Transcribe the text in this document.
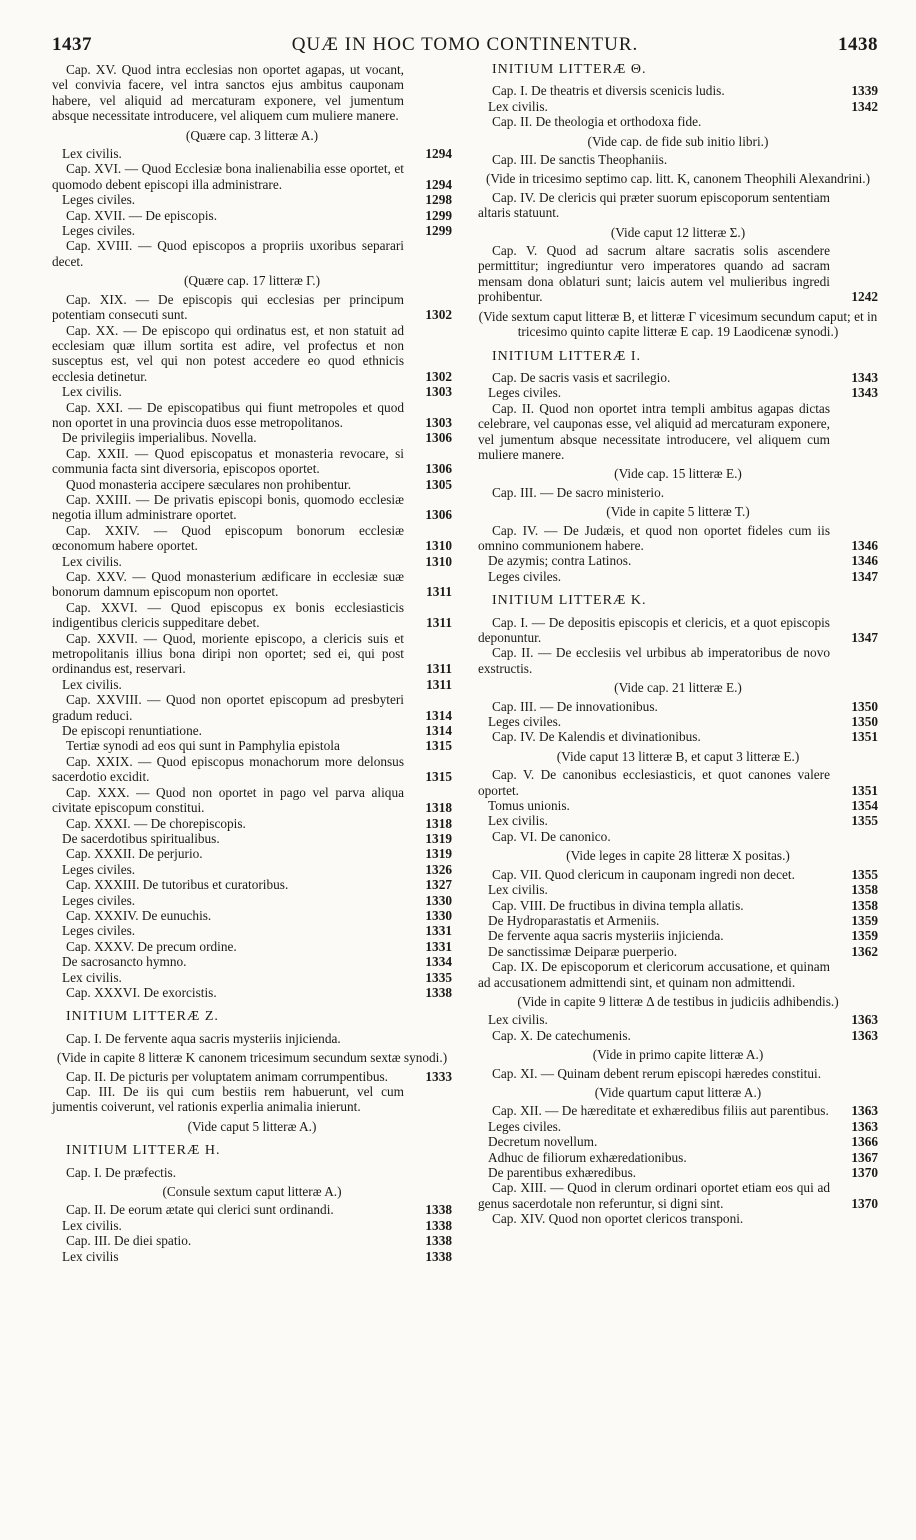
1437	QUÆ IN HOC TOMO CONTINENTUR.	1438

Cap. XV. Quod intra ecclesias non oportet agapas, ut vocant, vel convivia facere, vel intra sanctos ejus ambitus cauponam habere, vel aliquid ad mercaturam exponere, vel jumentum absque necessitate introducere, vel aliquem cum muliere manere.

(Quære cap. 3 litteræ A.)

Lex civilis.	1294

Cap. XVI. — Quod Ecclesiæ bona inalienabilia esse oportet, et quomodo debent episcopi illa administrare.	1294

Leges civiles.	1298

Cap. XVII. — De episcopis.	1299

Leges civiles.	1299

Cap. XVIII. — Quod episcopos a propriis uxoribus separari decet.

(Quære cap. 17 litteræ Γ.)

Cap. XIX. — De episcopis qui ecclesias per principum potentiam consecuti sunt.	1302

Cap. XX. — De episcopo qui ordinatus est, et non statuit ad ecclesiam quæ illum sortita est adire, vel profectus et non susceptus est, vel qui non potest accedere eo quod ethnicis ecclesia detinetur.	1302

Lex civilis.	1303

Cap. XXI. — De episcopatibus qui fiunt metropoles et quod non oportet in una provincia duos esse metropolitanos.	1303

De privilegiis imperialibus. Novella.	1306

Cap. XXII. — Quod episcopatus et monasteria revocare, si communia facta sint diversoria, episcopos oportet.	1306

Quod monasteria accipere sæculares non prohibentur.	1305

Cap. XXIII. — De privatis episcopi bonis, quomodo ecclesiæ negotia illum administrare oportet.	1306

Cap. XXIV. — Quod episcopum bonorum ecclesiæ œconomum habere oportet.	1310

Lex civilis.	1310

Cap. XXV. — Quod monasterium ædificare in ecclesiæ suæ bonorum damnum episcopum non oportet.	1311

Cap. XXVI. — Quod episcopus ex bonis ecclesiasticis indigentibus clericis suppeditare debet.	1311

Cap. XXVII. — Quod, moriente episcopo, a clericis suis et metropolitanis illius bona diripi non oportet; sed ei, qui post ordinandus est, reservari.	1311

Lex civilis.	1311

Cap. XXVIII. — Quod non oportet episcopum ad presbyteri gradum reduci.	1314

De episcopi renuntiatione.	1314

Tertiæ synodi ad eos qui sunt in Pamphylia epistola	1315

Cap. XXIX. — Quod episcopus monachorum more delonsus sacerdotio excidit.	1315

Cap. XXX. — Quod non oportet in pago vel parva aliqua civitate episcopum constitui.	1318

Cap. XXXI. — De chorepiscopis.	1318

De sacerdotibus spiritualibus.	1319

Cap. XXXII. De perjurio.	1319

Leges civiles.	1326

Cap. XXXIII. De tutoribus et curatoribus.	1327

Leges civiles.	1330

Cap. XXXIV. De eunuchis.	1330

Leges civiles.	1331

Cap. XXXV. De precum ordine.	1331

De sacrosancto hymno.	1334

Lex civilis.	1335

Cap. XXXVI. De exorcistis.	1338

INITIUM LITTERÆ Z.

Cap. I. De fervente aqua sacris mysteriis injicienda.

(Vide in capite 8 litteræ K canonem tricesimum secundum sextæ synodi.)

Cap. II. De picturis per voluptatem animam corrumpentibus.	1333

Cap. III. De iis qui cum bestiis rem habuerunt, vel cum jumentis coiverunt, vel rationis experlia animalia inierunt.

(Vide caput 5 litteræ A.)
INITIUM LITTERÆ H.

Cap. I. De præfectis.

(Consule sextum caput litteræ A.)

Cap. II. De eorum ætate qui clerici sunt ordinandi.	1338

Lex civilis.	1338

Cap. III. De diei spatio.	1338

Lex civilis	1338

INITIUM LITTERÆ Θ.

Cap. I. De theatris et diversis scenicis ludis.	1339

Lex civilis.	1342

Cap. II. De theologia et orthodoxa fide.

(Vide cap. de fide sub initio libri.)

Cap. III. De sanctis Theophaniis.

(Vide in tricesimo septimo cap. litt. K, canonem Theophili Alexandrini.)

Cap. IV. De clericis qui præter suorum episcoporum sententiam altaris statuunt.

(Vide caput 12 litteræ Σ.)

Cap. V. Quod ad sacrum altare sacratis solis ascendere permittitur; ingrediuntur vero imperatores quando ad sacram mensam dona oblaturi sunt; laicis autem vel mulieribus ingredi prohibentur.	1242

(Vide sextum caput litteræ B, et litteræ Γ vicesimum secundum caput; et in tricesimo quinto capite litteræ E cap. 19 Laodicenæ synodi.)
INITIUM LITTERÆ I.

Cap. De sacris vasis et sacrilegio.	1343

Leges civiles.	1343

Cap. II. Quod non oportet intra templi ambitus agapas dictas celebrare, vel cauponas esse, vel aliquid ad mercaturam exponere, vel jumentum absque necessitate introducere, vel aliquem cum muliere manere.

(Vide cap. 15 litteræ E.)

Cap. III. — De sacro ministerio.

(Vide in capite 5 litteræ T.)

Cap. IV. — De Judæis, et quod non oportet fideles cum iis omnino communionem habere.	1346

De azymis; contra Latinos.	1346

Leges civiles.	1347

INITIUM LITTERÆ K.

Cap. I. — De depositis episcopis et clericis, et a quot episcopis deponuntur.	1347

Cap. II. — De ecclesiis vel urbibus ab imperatoribus de novo exstructis.

(Vide cap. 21 litteræ E.)

Cap. III. — De innovationibus.	1350

Leges civiles.	1350

Cap. IV. De Kalendis et divinationibus.	1351

(Vide caput 13 litteræ B, et caput 3 litteræ E.)

Cap. V. De canonibus ecclesiasticis, et quot canones valere oportet.	1351

Tomus unionis.	1354

Lex civilis.	1355

Cap. VI. De canonico.

(Vide leges in capite 28 litteræ X positas.)

Cap. VII. Quod clericum in cauponam ingredi non decet.	1355

Lex civilis.	1358

Cap. VIII. De fructibus in divina templa allatis.	1358

De Hydroparastatis et Armeniis.	1359

De fervente aqua sacris mysteriis injicienda.	1359

De sanctissimæ Deiparæ puerperio.	1362

Cap. IX. De episcoporum et clericorum accusatione, et quinam ad accusationem admittendi sint, et quinam non admittendi.

(Vide in capite 9 litteræ Δ de testibus in judiciis adhibendis.)

Lex civilis.	1363

Cap. X. De catechumenis.	1363

(Vide in primo capite litteræ A.)

Cap. XI. — Quinam debent rerum episcopi hæredes constitui.

(Vide quartum caput litteræ A.)

Cap. XII. — De hæreditate et exhæredibus filiis aut parentibus. 1363

Leges civiles.	1363

Decretum novellum.	1366

Adhuc de filiorum exhæredationibus.	1367

De parentibus exhæredibus.	1370

Cap. XIII. — Quod in clerum ordinari oportet etiam eos qui ad genus sacerdotale non referuntur, si digni sint.	1370

Cap. XIV. Quod non oportet clericos transponi.
